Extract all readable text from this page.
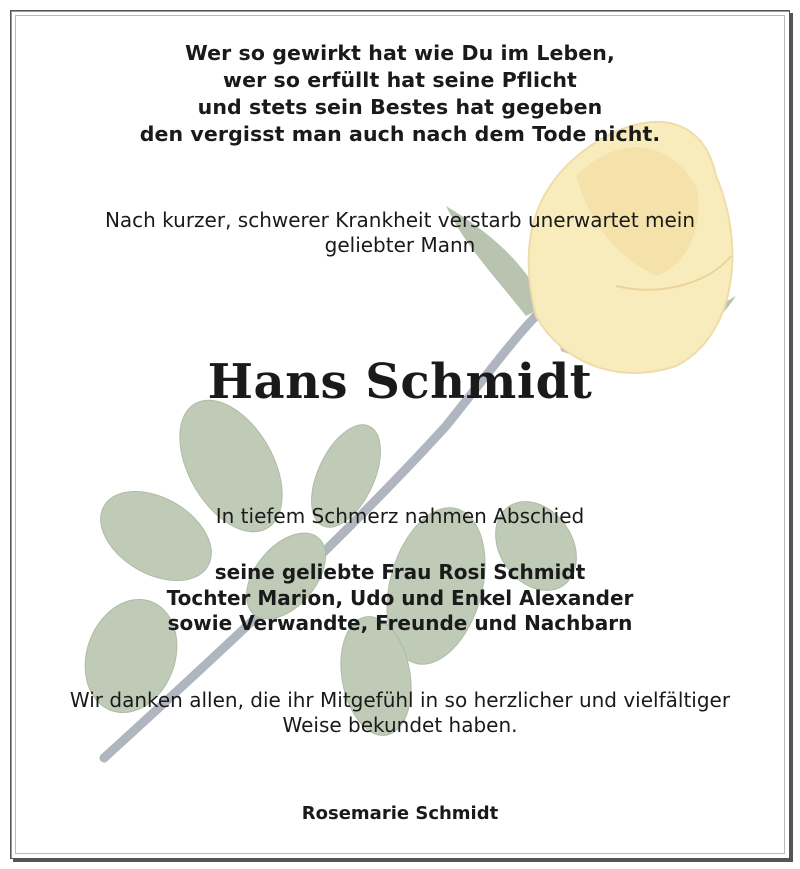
Wer so gewirkt hat wie Du im Leben,
wer so erfüllt hat seine Pflicht
und stets sein Bestes hat gegeben
den vergisst man auch nach dem Tode nicht.

Nach kurzer, schwerer Krankheit verstarb unerwartet mein geliebter Mann

Hans Schmidt

In tiefem Schmerz nahmen Abschied

seine geliebte Frau Rosi Schmidt
Tochter Marion, Udo und Enkel Alexander
sowie Verwandte, Freunde und Nachbarn

Wir danken allen, die ihr Mitgefühl in so herzlicher und vielfältiger Weise bekundet haben.

Rosemarie Schmidt
